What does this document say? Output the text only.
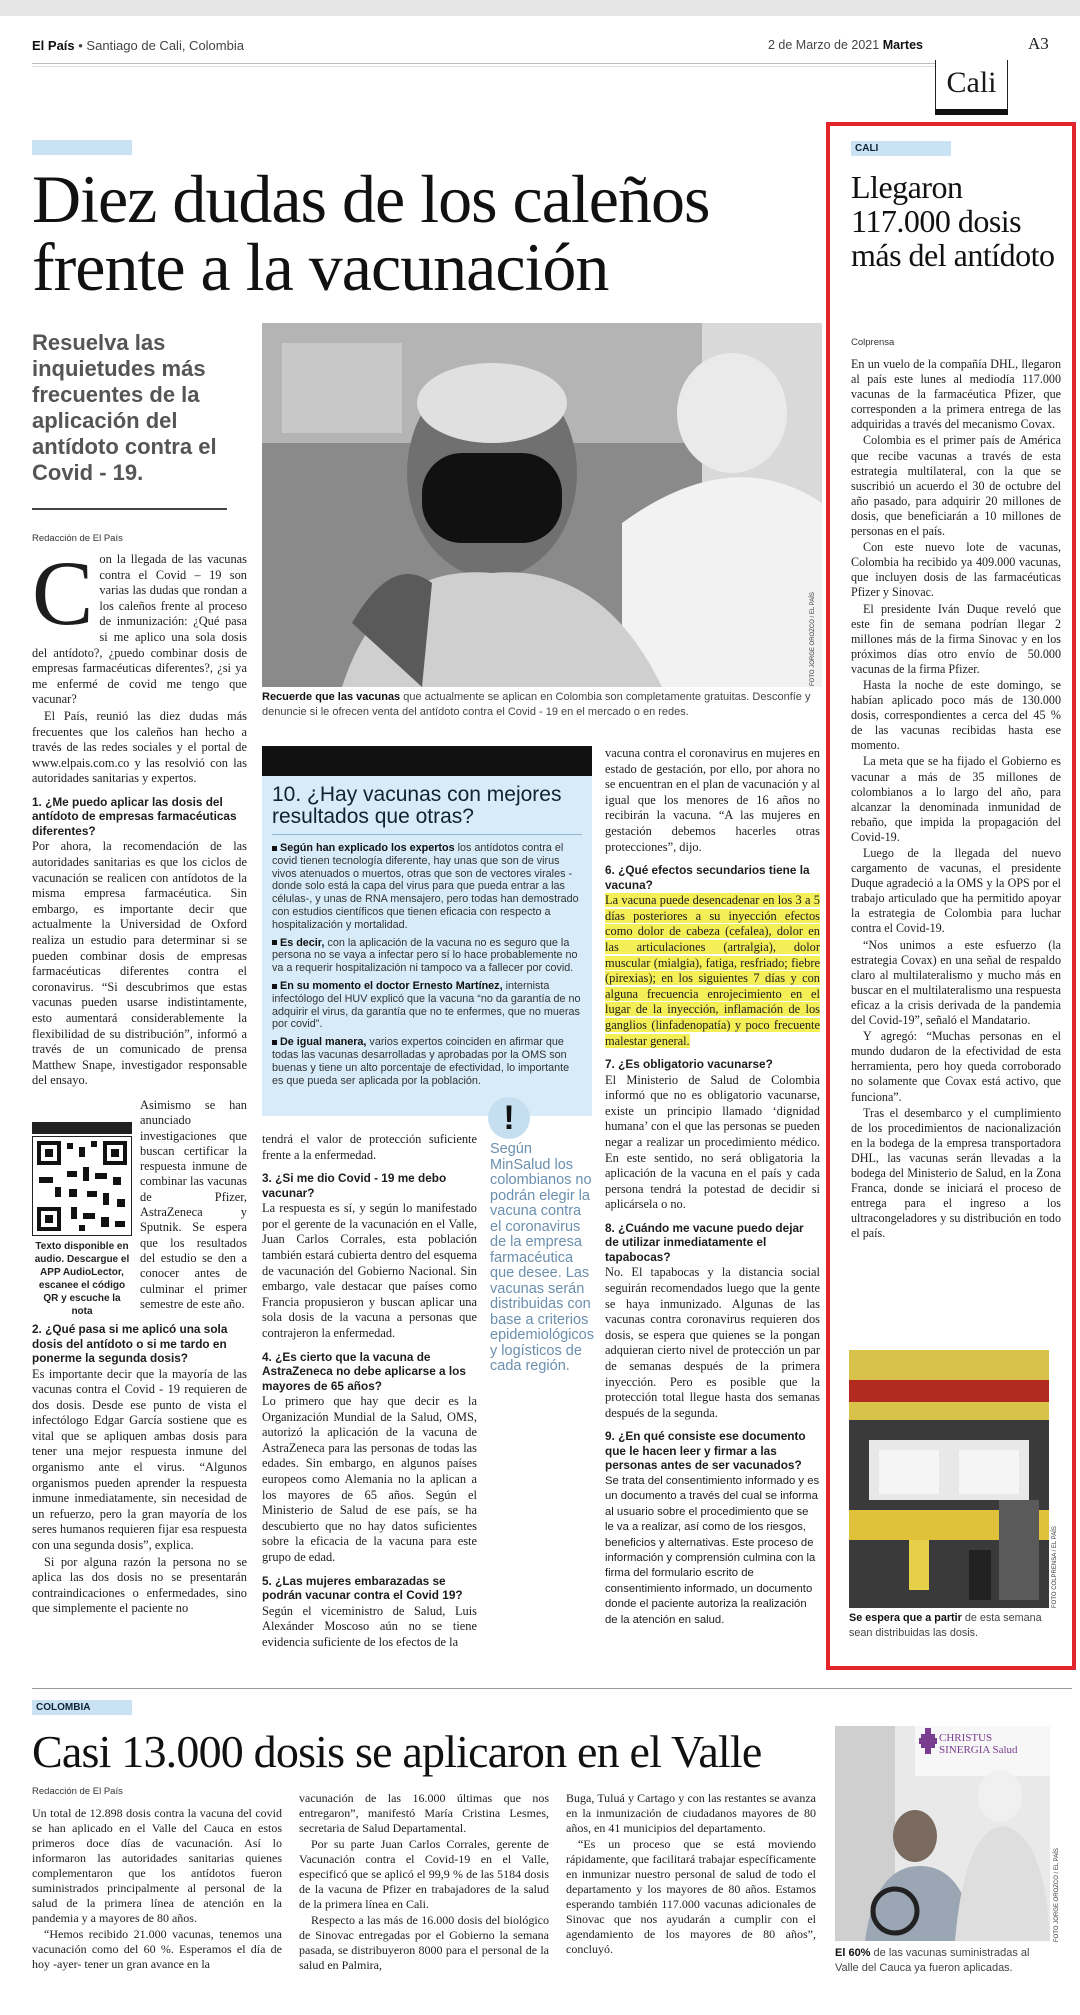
El País • Santiago de Cali, Colombia	2 de Marzo de 2021 Martes
Cali
A3
Diez dudas de los caleños
frente a la vacunación
Resuelva las inquietudes más frecuentes de la aplicación del antídoto contra el Covid - 19.
Redacción de El País
FOTO JORGE OROZCO / EL PAÍS
Recuerde que las vacunas que actualmente se aplican en Colombia son completamente gratuitas. Desconfíe y denuncie si le ofrecen venta del antídoto contra el Covid - 19 en el mercado o en redes.

Con la llegada de las vacunas contra el Covid – 19 son varias las dudas que rondan a los caleños frente al proceso de inmunización: ¿Qué pasa si me aplico una sola dosis del antídoto?, ¿puedo combinar dosis de empresas farmacéuticas diferentes?, ¿si ya me enfermé de covid me tengo que vacunar?

El País, reunió las diez dudas más frecuentes que los caleños han hecho a través de las redes sociales y el portal de www.elpais.com.co y las resolvió con las autoridades sanitarias y expertos.

1. ¿Me puedo aplicar las dosis del antídoto de empresas farmacéuticas diferentes?

Por ahora, la recomendación de las autoridades sanitarias es que los ciclos de vacunación se realicen con antídotos de la misma empresa farmacéutica. Sin embargo, es importante decir que actualmente la Universidad de Oxford realiza un estudio para determinar si se pueden combinar dosis de empresas farmacéuticas diferentes contra el coronavirus. “Si descubrimos que estas vacunas pueden usarse indistintamente, esto aumentará considerablemente la flexibilidad de su distribución”, informó a través de un comunicado de prensa Matthew Snape, investigador responsable del ensayo.

Asimismo se han anunciado investigaciones que buscan certificar la respuesta inmune de combinar las vacunas de Pfizer, AstraZeneca y Sputnik. Se espera que los resultados del estudio se den a conocer antes de culminar el primer semestre de este año.

Texto disponible en audio. Descargue el APP AudioLector, escanee el código QR y escuche la nota

2. ¿Qué pasa si me aplicó una sola dosis del antídoto o si me tardo en ponerme la segunda dosis?

Es importante decir que la mayoría de las vacunas contra el Covid - 19 requieren de dos dosis. Desde ese punto de vista el infectólogo Edgar García sostiene que es vital que se apliquen ambas dosis para tener una mejor respuesta inmune del organismo ante el virus. “Algunos organismos pueden aprender la respuesta inmune inmediatamente, sin necesidad de un refuerzo, pero la gran mayoría de los seres humanos requieren fijar esa respuesta con una segunda dosis”, explica.

Si por alguna razón la persona no se aplica las dos dosis no se presentarán contraindicaciones o enfermedades, sino que simplemente el paciente no

10. ¿Hay vacunas con mejores resultados que otras?

Según han explicado los expertos los antídotos contra el covid tienen tecnología diferente, hay unas que son de virus vivos atenuados o muertos, otras que son de vectores virales -donde solo está la capa del virus para que pueda entrar a las células-, y unas de RNA mensajero, pero todas han demostrado con estudios científicos que tienen eficacia con respecto a hospitalización y mortalidad.

Es decir, con la aplicación de la vacuna no es seguro que la persona no se vaya a infectar pero sí lo hace probablemente no va a requerir hospitalización ni tampoco va a fallecer por covid.

En su momento el doctor Ernesto Martínez, internista infectólogo del HUV explicó que la vacuna “no da garantía de no adquirir el virus, da garantía que no te enfermes, que no mueras por covid”.

De igual manera, varios expertos coinciden en afirmar que todas las vacunas desarrolladas y aprobadas por la OMS son buenas y tiene un alto porcentaje de efectividad, lo importante es que pueda ser aplicada por la población.

tendrá el valor de protección suficiente frente a la enfermedad.

3. ¿Si me dio Covid - 19 me debo vacunar?

La respuesta es sí, y según lo manifestado por el gerente de la vacunación en el Valle, Juan Carlos Corrales, esta población también estará cubierta dentro del esquema de vacunación del Gobierno Nacional. Sin embargo, vale destacar que países como Francia propusieron y buscan aplicar una sola dosis de la vacuna a personas que contrajeron la enfermedad.

4. ¿Es cierto que la vacuna de AstraZeneca no debe aplicarse a los mayores de 65 años?

Lo primero que hay que decir es la Organización Mundial de la Salud, OMS, autorizó la aplicación de la vacuna de AstraZeneca para las personas de todas las edades. Sin embargo, en algunos países europeos como Alemania no la aplican a los mayores de 65 años. Según el Ministerio de Salud de ese país, se ha descubierto que no hay datos suficientes sobre la eficacia de la vacuna para este grupo de edad.

5. ¿Las mujeres embarazadas se podrán vacunar contra el Covid 19?

Según el viceministro de Salud, Luis Alexánder Moscoso aún no se tiene evidencia suficiente de los efectos de la

!
Según MinSalud los colombianos no podrán elegir la vacuna contra el coronavirus de la empresa farmacéutica que desee. Las vacunas serán distribuidas con base a criterios epidemiológicos y logísticos de cada región.

vacuna contra el coronavirus en mujeres en estado de gestación, por ello, por ahora no se encuentran en el plan de vacunación y al igual que los menores de 16 años no recibirán la vacuna. “A las mujeres en gestación debemos hacerles otras protecciones”, dijo.

6. ¿Qué efectos secundarios tiene la vacuna?

La vacuna puede desencadenar en los 3 a 5 días posteriores a su inyección efectos como dolor de cabeza (cefalea), dolor en las articulaciones (artralgia), dolor muscular (mialgia), fatiga, resfriado; fiebre (pirexias); en los siguientes 7 días y con alguna frecuencia enrojecimiento en el lugar de la inyección, inflamación de los ganglios (linfadenopatía) y poco frecuente malestar general.

7. ¿Es obligatorio vacunarse?

El Ministerio de Salud de Colombia informó que no es obligatorio vacunarse, existe un principio llamado ‘dignidad humana’ con el que las personas se pueden negar a realizar un procedimiento médico. En este sentido, no será obligatoria la aplicación de la vacuna en el país y cada persona tendrá la potestad de decidir si aplicársela o no.

8. ¿Cuándo me vacune puedo dejar de utilizar inmediatamente el tapabocas?

No. El tapabocas y la distancia social seguirán recomendados luego que la gente se haya inmunizado. Algunas de las vacunas contra coronavirus requieren dos dosis, se espera que quienes se la pongan adquieran cierto nivel de protección un par de semanas después de la primera inyección. Pero es posible que la protección total llegue hasta dos semanas después de la segunda.

9. ¿En qué consiste ese documento que le hacen leer y firmar a las personas antes de ser vacunados?

Se trata del consentimiento informado y es un documento a través del cual se informa al usuario sobre el procedimiento que se le va a realizar, así como de los riesgos, beneficios y alternativas. Este proceso de información y comprensión culmina con la firma del formulario escrito de consentimiento informado, un documento donde el paciente autoriza la realización de la atención en salud.

CALI
Llegaron 117.000 dosis más del antídoto
Colprensa

En un vuelo de la compañía DHL, llegaron al país este lunes al mediodía 117.000 vacunas de la farmacéutica Pfizer, que corresponden a la primera entrega de las adquiridas a través del mecanismo Covax.

Colombia es el primer país de América que recibe vacunas a través de esta estrategia multilateral, con la que se suscribió un acuerdo el 30 de octubre del año pasado, para adquirir 20 millones de dosis, que beneficiarán a 10 millones de personas en el país.

Con este nuevo lote de vacunas, Colombia ha recibido ya 409.000 vacunas, que incluyen dosis de las farmacéuticas Pfizer y Sinovac.

El presidente Iván Duque reveló que este fin de semana podrían llegar 2 millones más de la firma Sinovac y en los próximos días otro envío de 50.000 vacunas de la firma Pfizer.

Hasta la noche de este domingo, se habían aplicado poco más de 130.000 dosis, correspondientes a cerca del 45 % de las vacunas recibidas hasta ese momento.

La meta que se ha fijado el Gobierno es vacunar a más de 35 millones de colombianos a lo largo del año, para alcanzar la denominada inmunidad de rebaño, que impida la propagación del Covid-19.

Luego de la llegada del nuevo cargamento de vacunas, el presidente Duque agradeció a la OMS y la OPS por el trabajo articulado que ha permitido apoyar la estrategia de Colombia para luchar contra el Covid-19.

“Nos unimos a este esfuerzo (la estrategia Covax) en una señal de respaldo claro al multilateralismo y mucho más en buscar en el multilateralismo una respuesta eficaz a la crisis derivada de la pandemia del Covid-19”, señaló el Mandatario.

Y agregó: “Muchas personas en el mundo dudaron de la efectividad de esta herramienta, pero hoy queda corroborado no solamente que Covax está activo, que funciona”.

Tras el desembarco y el cumplimiento de los procedimientos de nacionalización en la bodega de la empresa transportadora DHL, las vacunas serán llevadas a la bodega del Ministerio de Salud, en la Zona Franca, donde se iniciará el proceso de entrega para el ingreso a los ultracongeladores y su distribución en todo el país.

FOTO COLPRENSA / EL PAÍS
Se espera que a partir de esta semana sean distribuidas las dosis.
COLOMBIA
Casi 13.000 dosis se aplicaron en el Valle
Redacción de El País

Un total de 12.898 dosis contra la vacuna del covid se han aplicado en el Valle del Cauca en estos primeros doce días de vacunación. Así lo informaron las autoridades sanitarias quienes complementaron que los antídotos fueron suministrados principalmente al personal de la salud de la primera línea de atención en la pandemia y a mayores de 80 años.

“Hemos recibido 21.000 vacunas, tenemos una vacunación como del 60 %. Esperamos el día de hoy -ayer- tener un gran avance en la

vacunación de las 16.000 últimas que nos entregaron”, manifestó María Cristina Lesmes, secretaria de Salud Departamental.

Por su parte Juan Carlos Corrales, gerente de Vacunación contra el Covid-19 en el Valle, especificó que se aplicó el 99,9 % de las 5184 dosis de la vacuna de Pfizer en trabajadores de la salud de la primera línea en Cali.

Respecto a las más de 16.000 dosis del biológico de Sinovac entregadas por el Gobierno la semana pasada, se distribuyeron 8000 para el personal de la salud en Palmira,

Buga, Tuluá y Cartago y con las restantes se avanza en la inmunización de ciudadanos mayores de 80 años, en 41 municipios del departamento.

“Es un proceso que se está moviendo rápidamente, que facilitará trabajar específicamente en inmunizar nuestro personal de salud de todo el departamento y los mayores de 80 años. Estamos esperando también 117.000 vacunas adicionales de Sinovac que nos ayudarán a cumplir con el agendamiento de los mayores de 80 años”, concluyó.

CHRISTUS SINERGIA Salud
FOTO JORGE OROZCO / EL PAÍS
El 60% de las vacunas suministradas al Valle del Cauca ya fueron aplicadas.
